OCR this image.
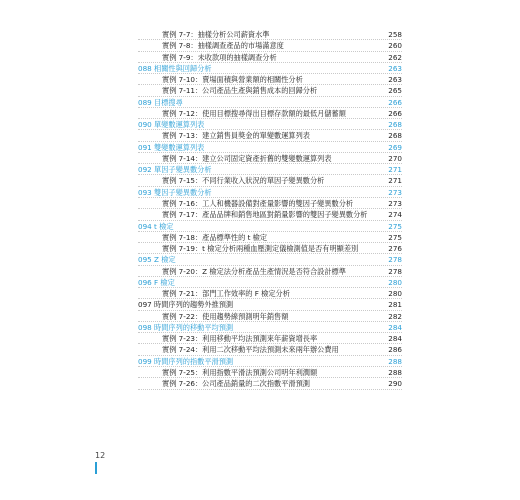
實例 7-7：抽樣分析公司薪資水準	258
實例 7-8：抽樣調查產品的市場滿意度	260
實例 7-9：未收款項的抽樣調查分析	262
088 相關性與回歸分析	263
實例 7-10：賣場面積與營業額的相關性分析	263
實例 7-11：公司產品生產與銷售成本的回歸分析	265
089 目標搜尋	266
實例 7-12：使用目標搜尋得出目標存款額的最低月儲蓄額	266
090 單變數運算列表	268
實例 7-13：建立銷售員獎金的單變數運算列表	268
091 雙變數運算列表	269
實例 7-14：建立公司固定資產折舊的雙變數運算列表	270
092 單因子變異數分析	271
實例 7-15：不同行業收入狀況的單因子變異數分析	271
093 雙因子變異數分析	273
實例 7-16：工人和機器設備對產量影響的雙因子變異數分析	273
實例 7-17：產品品牌和銷售地區對銷量影響的雙因子變異數分析	274
094 t 檢定	275
實例 7-18：產品標準性的 t 檢定	275
實例 7-19：t 檢定分析兩種血壓測定儀檢測值是否有明顯差別	276
095 Z 檢定	278
實例 7-20：Z 檢定法分析產品生產情況是否符合設計標準	278
096 F 檢定	280
實例 7-21：部門工作效率的 F 檢定分析	280
097 時間序列的趨勢外推預測	281
實例 7-22：使用趨勢線預測明年銷售額	282
098 時間序列的移動平均預測	284
實例 7-23：利用移動平均法預測來年薪資增長率	284
實例 7-24：利用二次移動平均法預測未來兩年辦公費用	286
099 時間序列的指數平滑預測	288
實例 7-25：利用指數平滑法預測公司明年利潤額	288
實例 7-26：公司產品銷量的二次指數平滑預測	290
12
